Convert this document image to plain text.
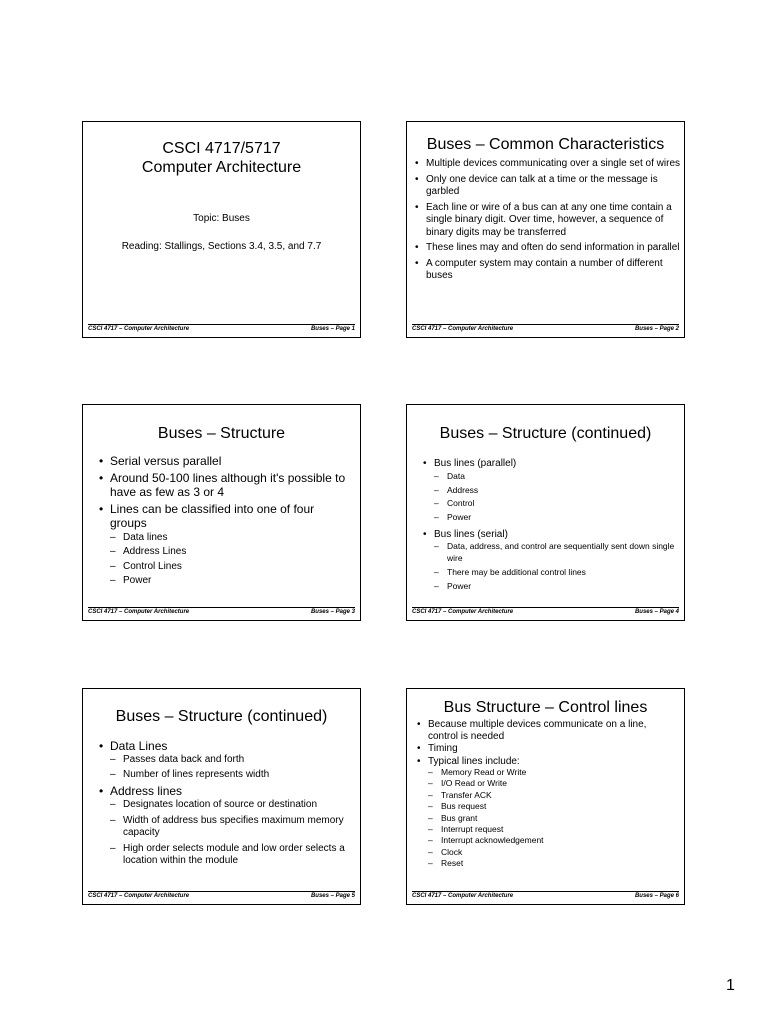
CSCI 4717/5717
Computer Architecture
Topic: Buses
Reading: Stallings, Sections 3.4, 3.5, and 7.7
CSCI 4717 – Computer Architecture	Buses – Page 1
Buses – Common Characteristics
• Multiple devices communicating over a single set of wires
• Only one device can talk at a time or the message is garbled
• Each line or wire of a bus can at any one time contain a single binary digit. Over time, however, a sequence of binary digits may be transferred
• These lines may and often do send information in parallel
• A computer system may contain a number of different buses
CSCI 4717 – Computer Architecture	Buses – Page 2
Buses – Structure
• Serial versus parallel
• Around 50-100 lines although it's possible to have as few as 3 or 4
• Lines can be classified into one of four groups
– Data lines
– Address Lines
– Control Lines
– Power
CSCI 4717 – Computer Architecture	Buses – Page 3
Buses – Structure (continued)
• Bus lines (parallel)
– Data
– Address
– Control
– Power
• Bus lines (serial)
– Data, address, and control are sequentially sent down single wire
– There may be additional control lines
– Power
CSCI 4717 – Computer Architecture	Buses – Page 4
Buses – Structure (continued)
• Data Lines
– Passes data back and forth
– Number of lines represents width
• Address lines
– Designates location of source or destination
– Width of address bus specifies maximum memory capacity
– High order selects module and low order selects a location within the module
CSCI 4717 – Computer Architecture	Buses – Page 5
Bus Structure – Control lines
• Because multiple devices communicate on a line, control is needed
• Timing
• Typical lines include:
– Memory Read or Write
– I/O Read or Write
– Transfer ACK
– Bus request
– Bus grant
– Interrupt request
– Interrupt acknowledgement
– Clock
– Reset
CSCI 4717 – Computer Architecture	Buses – Page 6
1
